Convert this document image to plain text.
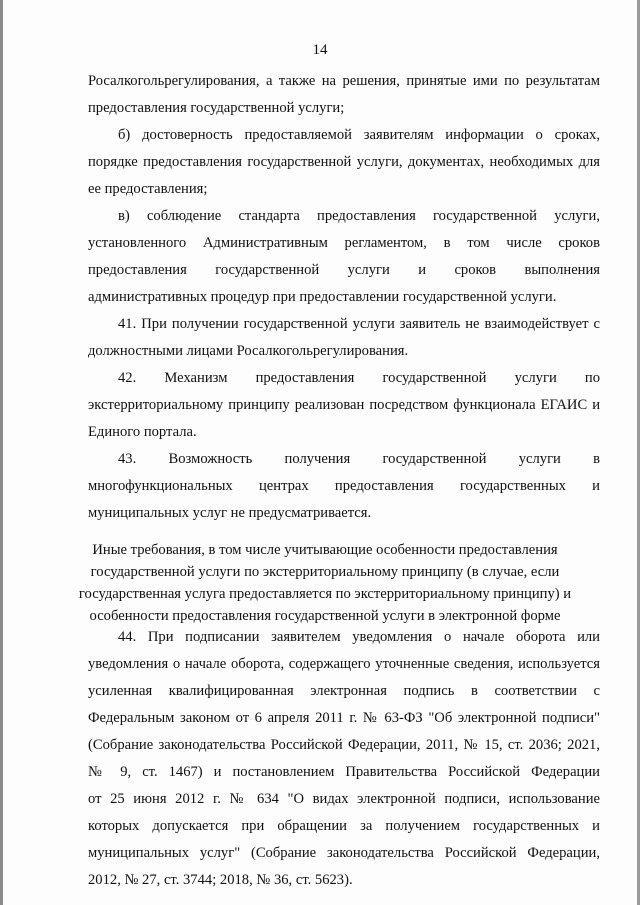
14
Росалкогольрегулирования, а также на решения, принятые ими по результатам
предоставления государственной услуги;
б) достоверность предоставляемой заявителям информации о сроках,
порядке предоставления государственной услуги, документах, необходимых для
ее предоставления;
в) соблюдение стандарта предоставления государственной услуги,
установленного Административным регламентом, в том числе сроков
предоставления государственной услуги и сроков выполнения
административных процедур при предоставлении государственной услуги.
41. При получении государственной услуги заявитель не взаимодействует с
должностными лицами Росалкогольрегулирования.
42. Механизм предоставления государственной услуги по
экстерриториальному принципу реализован посредством функционала ЕГАИС и
Единого портала.
43. Возможность получения государственной услуги в
многофункциональных центрах предоставления государственных и
муниципальных услуг не предусматривается.
Иные требования, в том числе учитывающие особенности предоставления
государственной услуги по экстерриториальному принципу (в случае, если
государственная услуга предоставляется по экстерриториальному принципу) и
особенности предоставления государственной услуги в электронной форме
44. При подписании заявителем уведомления о начале оборота или
уведомления о начале оборота, содержащего уточненные сведения, используется
усиленная квалифицированная электронная подпись в соответствии с
Федеральным законом от 6 апреля 2011 г. № 63-ФЗ "Об электронной подписи"
(Собрание законодательства Российской Федерации, 2011, № 15, ст. 2036; 2021,
№ 9, ст. 1467) и постановлением Правительства Российской Федерации
от 25 июня 2012 г. № 634 "О видах электронной подписи, использование
которых допускается при обращении за получением государственных и
муниципальных услуг" (Собрание законодательства Российской Федерации,
2012, № 27, ст. 3744; 2018, № 36, ст. 5623).
